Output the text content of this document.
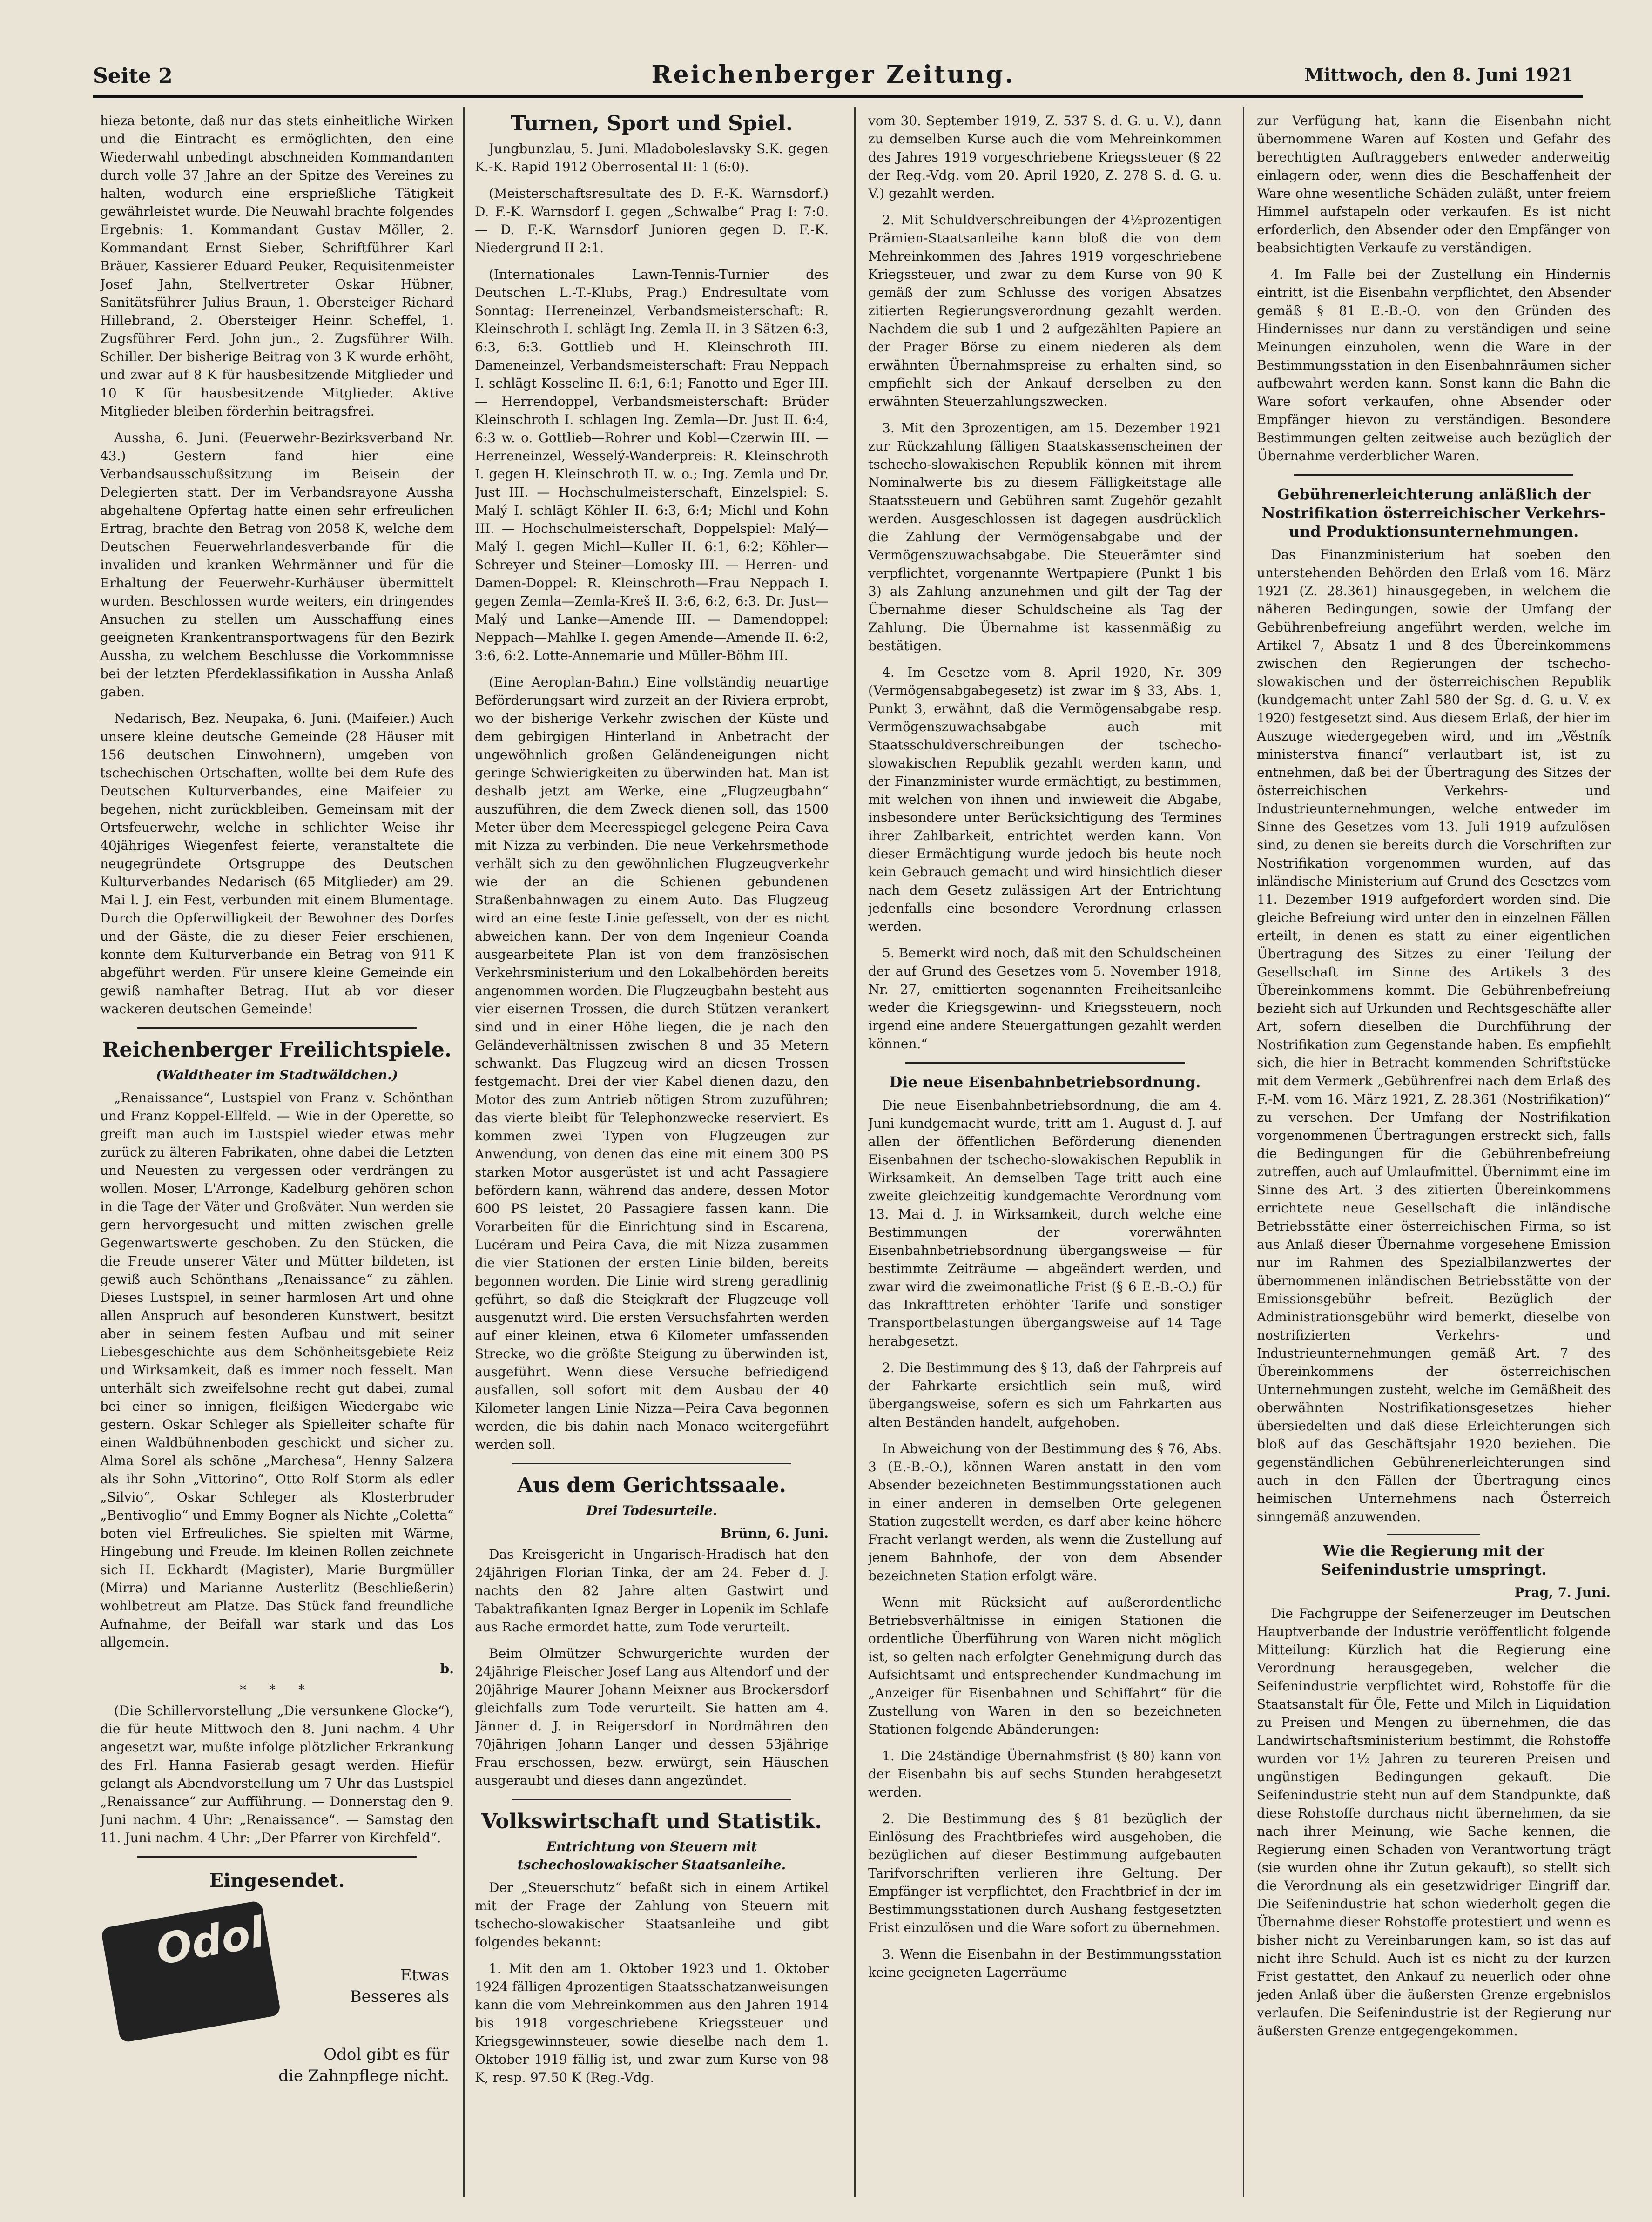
Seite 2	Reichenberger Zeitung.	Mittwoch, den 8. Juni 1921

hieza betonte, daß nur das stets einheitliche Wirken und die Eintracht es ermöglichten, den eine Wiederwahl unbedingt abschneiden Kommandanten durch volle 37 Jahre an der Spitze des Vereines zu halten, wodurch eine ersprießliche Tätigkeit gewährleistet wurde. Die Neuwahl brachte folgendes Ergebnis: 1. Kommandant Gustav Möller, 2. Kommandant Ernst Sieber, Schriftführer Karl Bräuer, Kassierer Eduard Peuker, Requisitenmeister Josef Jahn, Stellvertreter Oskar Hübner, Sanitätsführer Julius Braun, 1. Obersteiger Richard Hillebrand, 2. Obersteiger Heinr. Scheffel, 1. Zugsführer Ferd. John jun., 2. Zugsführer Wilh. Schiller. Der bisherige Beitrag von 3 K wurde erhöht, und zwar auf 8 K für hausbesitzende Mitglieder und 10 K für hausbesitzende Mitglieder. Aktive Mitglieder bleiben förderhin beitragsfrei.

Aussha, 6. Juni. (Feuerwehr-Bezirksverband Nr. 43.) Gestern fand hier eine Verbandsausschußsitzung im Beisein der Delegierten statt. Der im Verbandsrayone Aussha abgehaltene Opfertag hatte einen sehr erfreulichen Ertrag, brachte den Betrag von 2058 K, welche dem Deutschen Feuerwehrlandesverbande für die invaliden und kranken Wehrmänner und für die Erhaltung der Feuerwehr-Kurhäuser übermittelt wurden. Beschlossen wurde weiters, ein dringendes Ansuchen zu stellen um Ausschaffung eines geeigneten Krankentransportwagens für den Bezirk Aussha, zu welchem Beschlusse die Vorkommnisse bei der letzten Pferdeklassifikation in Aussha Anlaß gaben.

Nedarisch, Bez. Neupaka, 6. Juni. (Maifeier.) Auch unsere kleine deutsche Gemeinde (28 Häuser mit 156 deutschen Einwohnern), umgeben von tschechischen Ortschaften, wollte bei dem Rufe des Deutschen Kulturverbandes, eine Maifeier zu begehen, nicht zurückbleiben. Gemeinsam mit der Ortsfeuerwehr, welche in schlichter Weise ihr 40jähriges Wiegenfest feierte, veranstaltete die neugegründete Ortsgruppe des Deutschen Kulturverbandes Nedarisch (65 Mitglieder) am 29. Mai l. J. ein Fest, verbunden mit einem Blumentage. Durch die Opferwilligkeit der Bewohner des Dorfes und der Gäste, die zu dieser Feier erschienen, konnte dem Kulturverbande ein Betrag von 911 K abgeführt werden. Für unsere kleine Gemeinde ein gewiß namhafter Betrag. Hut ab vor dieser wackeren deutschen Gemeinde!

Reichenberger Freilichtspiele.
(Waldtheater im Stadtwäldchen.)

„Renaissance“, Lustspiel von Franz v. Schönthan und Franz Koppel-Ellfeld. — Wie in der Operette, so greift man auch im Lustspiel wieder etwas mehr zurück zu älteren Fabrikaten, ohne dabei die Letzten und Neuesten zu vergessen oder verdrängen zu wollen. Moser, L'Arronge, Kadelburg gehören schon in die Tage der Väter und Großväter. Nun werden sie gern hervorgesucht und mitten zwischen grelle Gegenwartswerte geschoben. Zu den Stücken, die die Freude unserer Väter und Mütter bildeten, ist gewiß auch Schönthans „Renaissance“ zu zählen. Dieses Lustspiel, in seiner harmlosen Art und ohne allen Anspruch auf besonderen Kunstwert, besitzt aber in seinem festen Aufbau und mit seiner Liebesgeschichte aus dem Schönheitsgebiete Reiz und Wirksamkeit, daß es immer noch fesselt. Man unterhält sich zweifelsohne recht gut dabei, zumal bei einer so innigen, fleißigen Wiedergabe wie gestern. Oskar Schleger als Spielleiter schafte für einen Waldbühnenboden geschickt und sicher zu. Alma Sorel als schöne „Marchesa“, Henny Salzera als ihr Sohn „Vittorino“, Otto Rolf Storm als edler „Silvio“, Oskar Schleger als Klosterbruder „Bentivoglio“ und Emmy Bogner als Nichte „Coletta“ boten viel Erfreuliches. Sie spielten mit Wärme, Hingebung und Freude. Im kleinen Rollen zeichnete sich H. Eckhardt (Magister), Marie Burgmüller (Mirra) und Marianne Austerlitz (Beschließerin) wohlbetreut am Platze. Das Stück fand freundliche Aufnahme, der Beifall war stark und das Los allgemein.

b.
* * *

(Die Schillervorstellung „Die versunkene Glocke“), die für heute Mittwoch den 8. Juni nachm. 4 Uhr angesetzt war, mußte infolge plötzlicher Erkrankung des Frl. Hanna Fasierab gesagt werden. Hiefür gelangt als Abendvorstellung um 7 Uhr das Lustspiel „Renaissance“ zur Aufführung. — Donnerstag den 9. Juni nachm. 4 Uhr: „Renaissance“. — Samstag den 11. Juni nachm. 4 Uhr: „Der Pfarrer von Kirchfeld“.

Eingesendet.
Odol
Etwas
Besseres als
Odol gibt es für
die Zahnpflege nicht.
Turnen, Sport und Spiel.

Jungbunzlau, 5. Juni. Mladoboleslavsky S.K. gegen K.-K. Rapid 1912 Oberrosental II: 1 (6:0).

(Meisterschaftsresultate des D. F.-K. Warnsdorf.) D. F.-K. Warnsdorf I. gegen „Schwalbe“ Prag I: 7:0. — D. F.-K. Warnsdorf Junioren gegen D. F.-K. Niedergrund II 2:1.

(Internationales Lawn-Tennis-Turnier des Deutschen L.-T.-Klubs, Prag.) Endresultate vom Sonntag: Herreneinzel, Verbandsmeisterschaft: R. Kleinschroth I. schlägt Ing. Zemla II. in 3 Sätzen 6:3, 6:3, 6:3. Gottlieb und H. Kleinschroth III. Dameneinzel, Verbandsmeisterschaft: Frau Neppach I. schlägt Kosseline II. 6:1, 6:1; Fanotto und Eger III. — Herrendoppel, Verbandsmeisterschaft: Brüder Kleinschroth I. schlagen Ing. Zemla—Dr. Just II. 6:4, 6:3 w. o. Gottlieb—Rohrer und Kobl—Czerwin III. — Herreneinzel, Wesselý-Wanderpreis: R. Kleinschroth I. gegen H. Kleinschroth II. w. o.; Ing. Zemla und Dr. Just III. — Hochschulmeisterschaft, Einzelspiel: S. Malý I. schlägt Köhler II. 6:3, 6:4; Michl und Kohn III. — Hochschulmeisterschaft, Doppelspiel: Malý—Malý I. gegen Michl—Kuller II. 6:1, 6:2; Köhler—Schreyer und Steiner—Lomosky III. — Herren- und Damen-Doppel: R. Kleinschroth—Frau Neppach I. gegen Zemla—Zemla-Kreš II. 3:6, 6:2, 6:3. Dr. Just—Malý und Lanke—Amende III. — Damendoppel: Neppach—Mahlke I. gegen Amende—Amende II. 6:2, 3:6, 6:2. Lotte-Annemarie und Müller-Böhm III.

(Eine Aeroplan-Bahn.) Eine vollständig neuartige Beförderungsart wird zurzeit an der Riviera erprobt, wo der bisherige Verkehr zwischen der Küste und dem gebirgigen Hinterland in Anbetracht der ungewöhnlich großen Geländeneigungen nicht geringe Schwierigkeiten zu überwinden hat. Man ist deshalb jetzt am Werke, eine „Flugzeugbahn“ auszuführen, die dem Zweck dienen soll, das 1500 Meter über dem Meeresspiegel gelegene Peira Cava mit Nizza zu verbinden. Die neue Verkehrsmethode verhält sich zu den gewöhnlichen Flugzeugverkehr wie der an die Schienen gebundenen Straßenbahnwagen zu einem Auto. Das Flugzeug wird an eine feste Linie gefesselt, von der es nicht abweichen kann. Der von dem Ingenieur Coanda ausgearbeitete Plan ist von dem französischen Verkehrsministerium und den Lokalbehörden bereits angenommen worden. Die Flugzeugbahn besteht aus vier eisernen Trossen, die durch Stützen verankert sind und in einer Höhe liegen, die je nach den Geländeverhältnissen zwischen 8 und 35 Metern schwankt. Das Flugzeug wird an diesen Trossen festgemacht. Drei der vier Kabel dienen dazu, den Motor des zum Antrieb nötigen Strom zuzuführen; das vierte bleibt für Telephonzwecke reserviert. Es kommen zwei Typen von Flugzeugen zur Anwendung, von denen das eine mit einem 300 PS starken Motor ausgerüstet ist und acht Passagiere befördern kann, während das andere, dessen Motor 600 PS leistet, 20 Passagiere fassen kann. Die Vorarbeiten für die Einrichtung sind in Escarena, Lucéram und Peira Cava, die mit Nizza zusammen die vier Stationen der ersten Linie bilden, bereits begonnen worden. Die Linie wird streng geradlinig geführt, so daß die Steigkraft der Flugzeuge voll ausgenutzt wird. Die ersten Versuchsfahrten werden auf einer kleinen, etwa 6 Kilometer umfassenden Strecke, wo die größte Steigung zu überwinden ist, ausgeführt. Wenn diese Versuche befriedigend ausfallen, soll sofort mit dem Ausbau der 40 Kilometer langen Linie Nizza—Peira Cava begonnen werden, die bis dahin nach Monaco weitergeführt werden soll.

Aus dem Gerichtssaale.
Drei Todesurteile.
Brünn, 6. Juni.

Das Kreisgericht in Ungarisch-Hradisch hat den 24jährigen Florian Tinka, der am 24. Feber d. J. nachts den 82 Jahre alten Gastwirt und Tabaktrafikanten Ignaz Berger in Lopenik im Schlafe aus Rache ermordet hatte, zum Tode verurteilt.

Beim Olmützer Schwurgerichte wurden der 24jährige Fleischer Josef Lang aus Altendorf und der 20jährige Maurer Johann Meixner aus Brockersdorf gleichfalls zum Tode verurteilt. Sie hatten am 4. Jänner d. J. in Reigersdorf in Nordmähren den 70jährigen Johann Langer und dessen 53jährige Frau erschossen, bezw. erwürgt, sein Häuschen ausgeraubt und dieses dann angezündet.

Volkswirtschaft und Statistik.
Entrichtung von Steuern mit tschechoslowakischer Staatsanleihe.

Der „Steuerschutz“ befaßt sich in einem Artikel mit der Frage der Zahlung von Steuern mit tschecho-slowakischer Staatsanleihe und gibt folgendes bekannt:

1. Mit den am 1. Oktober 1923 und 1. Oktober 1924 fälligen 4prozentigen Staatsschatzanweisungen kann die vom Mehreinkommen aus den Jahren 1914 bis 1918 vorgeschriebene Kriegssteuer und Kriegsgewinnsteuer, sowie dieselbe nach dem 1. Oktober 1919 fällig ist, und zwar zum Kurse von 98 K, resp. 97.50 K (Reg.-Vdg.

vom 30. September 1919, Z. 537 S. d. G. u. V.), dann zu demselben Kurse auch die vom Mehreinkommen des Jahres 1919 vorgeschriebene Kriegssteuer (§ 22 der Reg.-Vdg. vom 20. April 1920, Z. 278 S. d. G. u. V.) gezahlt werden.

2. Mit Schuldverschreibungen der 4½prozentigen Prämien-Staatsanleihe kann bloß die von dem Mehreinkommen des Jahres 1919 vorgeschriebene Kriegssteuer, und zwar zu dem Kurse von 90 K gemäß der zum Schlusse des vorigen Absatzes zitierten Regierungsverordnung gezahlt werden. Nachdem die sub 1 und 2 aufgezählten Papiere an der Prager Börse zu einem niederen als dem erwähnten Übernahmspreise zu erhalten sind, so empfiehlt sich der Ankauf derselben zu den erwähnten Steuerzahlungszwecken.

3. Mit den 3prozentigen, am 15. Dezember 1921 zur Rückzahlung fälligen Staatskassenscheinen der tschecho-slowakischen Republik können mit ihrem Nominalwerte bis zu diesem Fälligkeitstage alle Staatssteuern und Gebühren samt Zugehör gezahlt werden. Ausgeschlossen ist dagegen ausdrücklich die Zahlung der Vermögensabgabe und der Vermögenszuwachsabgabe. Die Steuerämter sind verpflichtet, vorgenannte Wertpapiere (Punkt 1 bis 3) als Zahlung anzunehmen und gilt der Tag der Übernahme dieser Schuldscheine als Tag der Zahlung. Die Übernahme ist kassenmäßig zu bestätigen.

4. Im Gesetze vom 8. April 1920, Nr. 309 (Vermögensabgabegesetz) ist zwar im § 33, Abs. 1, Punkt 3, erwähnt, daß die Vermögensabgabe resp. Vermögenszuwachsabgabe auch mit Staatsschuldverschreibungen der tschecho-slowakischen Republik gezahlt werden kann, und der Finanzminister wurde ermächtigt, zu bestimmen, mit welchen von ihnen und inwieweit die Abgabe, insbesondere unter Berücksichtigung des Termines ihrer Zahlbarkeit, entrichtet werden kann. Von dieser Ermächtigung wurde jedoch bis heute noch kein Gebrauch gemacht und wird hinsichtlich dieser nach dem Gesetz zulässigen Art der Entrichtung jedenfalls eine besondere Verordnung erlassen werden.

5. Bemerkt wird noch, daß mit den Schuldscheinen der auf Grund des Gesetzes vom 5. November 1918, Nr. 27, emittierten sogenannten Freiheitsanleihe weder die Kriegsgewinn- und Kriegssteuern, noch irgend eine andere Steuergattungen gezahlt werden können.“

Die neue Eisenbahnbetriebsordnung.

Die neue Eisenbahnbetriebsordnung, die am 4. Juni kundgemacht wurde, tritt am 1. August d. J. auf allen der öffentlichen Beförderung dienenden Eisenbahnen der tschecho-slowakischen Republik in Wirksamkeit. An demselben Tage tritt auch eine zweite gleichzeitig kundgemachte Verordnung vom 13. Mai d. J. in Wirksamkeit, durch welche eine Bestimmungen der vorerwähnten Eisenbahnbetriebsordnung übergangsweise — für bestimmte Zeiträume — abgeändert werden, und zwar wird die zweimonatliche Frist (§ 6 E.-B.-O.) für das Inkrafttreten erhöhter Tarife und sonstiger Transportbelastungen übergangsweise auf 14 Tage herabgesetzt.

2. Die Bestimmung des § 13, daß der Fahrpreis auf der Fahrkarte ersichtlich sein muß, wird übergangsweise, sofern es sich um Fahrkarten aus alten Beständen handelt, aufgehoben.

In Abweichung von der Bestimmung des § 76, Abs. 3 (E.-B.-O.), können Waren anstatt in den vom Absender bezeichneten Bestimmungsstationen auch in einer anderen in demselben Orte gelegenen Station zugestellt werden, es darf aber keine höhere Fracht verlangt werden, als wenn die Zustellung auf jenem Bahnhofe, der von dem Absender bezeichneten Station erfolgt wäre.

Wenn mit Rücksicht auf außerordentliche Betriebsverhältnisse in einigen Stationen die ordentliche Überführung von Waren nicht möglich ist, so gelten nach erfolgter Genehmigung durch das Aufsichtsamt und entsprechender Kundmachung im „Anzeiger für Eisenbahnen und Schiffahrt“ für die Zustellung von Waren in den so bezeichneten Stationen folgende Abänderungen:

1. Die 24ständige Übernahmsfrist (§ 80) kann von der Eisenbahn bis auf sechs Stunden herabgesetzt werden.

2. Die Bestimmung des § 81 bezüglich der Einlösung des Frachtbriefes wird ausgehoben, die bezüglichen auf dieser Bestimmung aufgebauten Tarifvorschriften verlieren ihre Geltung. Der Empfänger ist verpflichtet, den Frachtbrief in der im Bestimmungsstationen durch Aushang festgesetzten Frist einzulösen und die Ware sofort zu übernehmen.

3. Wenn die Eisenbahn in der Bestimmungsstation keine geeigneten Lagerräume

zur Verfügung hat, kann die Eisenbahn nicht übernommene Waren auf Kosten und Gefahr des berechtigten Auftraggebers entweder anderweitig einlagern oder, wenn dies die Beschaffenheit der Ware ohne wesentliche Schäden zuläßt, unter freiem Himmel aufstapeln oder verkaufen. Es ist nicht erforderlich, den Absender oder den Empfänger von beabsichtigten Verkaufe zu verständigen.

4. Im Falle bei der Zustellung ein Hindernis eintritt, ist die Eisenbahn verpflichtet, den Absender gemäß § 81 E.-B.-O. von den Gründen des Hindernisses nur dann zu verständigen und seine Meinungen einzuholen, wenn die Ware in der Bestimmungsstation in den Eisenbahnräumen sicher aufbewahrt werden kann. Sonst kann die Bahn die Ware sofort verkaufen, ohne Absender oder Empfänger hievon zu verständigen. Besondere Bestimmungen gelten zeitweise auch bezüglich der Übernahme verderblicher Waren.

Gebührenerleichterung anläßlich der Nostrifikation österreichischer Verkehrs- und Produktionsunternehmungen.

Das Finanzministerium hat soeben den unterstehenden Behörden den Erlaß vom 16. März 1921 (Z. 28.361) hinausgegeben, in welchem die näheren Bedingungen, sowie der Umfang der Gebührenbefreiung angeführt werden, welche im Artikel 7, Absatz 1 und 8 des Übereinkommens zwischen den Regierungen der tschecho-slowakischen und der österreichischen Republik (kundgemacht unter Zahl 580 der Sg. d. G. u. V. ex 1920) festgesetzt sind. Aus diesem Erlaß, der hier im Auszuge wiedergegeben wird, und im „Věstník ministerstva financí“ verlautbart ist, ist zu entnehmen, daß bei der Übertragung des Sitzes der österreichischen Verkehrs- und Industrieunternehmungen, welche entweder im Sinne des Gesetzes vom 13. Juli 1919 aufzulösen sind, zu denen sie bereits durch die Vorschriften zur Nostrifikation vorgenommen wurden, auf das inländische Ministerium auf Grund des Gesetzes vom 11. Dezember 1919 aufgefordert worden sind. Die gleiche Befreiung wird unter den in einzelnen Fällen erteilt, in denen es statt zu einer eigentlichen Übertragung des Sitzes zu einer Teilung der Gesellschaft im Sinne des Artikels 3 des Übereinkommens kommt. Die Gebührenbefreiung bezieht sich auf Urkunden und Rechtsgeschäfte aller Art, sofern dieselben die Durchführung der Nostrifikation zum Gegenstande haben. Es empfiehlt sich, die hier in Betracht kommenden Schriftstücke mit dem Vermerk „Gebührenfrei nach dem Erlaß des F.-M. vom 16. März 1921, Z. 28.361 (Nostrifikation)“ zu versehen. Der Umfang der Nostrifikation vorgenommenen Übertragungen erstreckt sich, falls die Bedingungen für die Gebührenbefreiung zutreffen, auch auf Umlaufmittel. Übernimmt eine im Sinne des Art. 3 des zitierten Übereinkommens errichtete neue Gesellschaft die inländische Betriebsstätte einer österreichischen Firma, so ist aus Anlaß dieser Übernahme vorgesehene Emission nur im Rahmen des Spezialbilanzwertes der übernommenen inländischen Betriebsstätte von der Emissionsgebühr befreit. Bezüglich der Administrationsgebühr wird bemerkt, dieselbe von nostrifizierten Verkehrs- und Industrieunternehmungen gemäß Art. 7 des Übereinkommens der österreichischen Unternehmungen zusteht, welche im Gemäßheit des oberwähnten Nostrifikationsgesetzes hieher übersiedelten und daß diese Erleichterungen sich bloß auf das Geschäftsjahr 1920 beziehen. Die gegenständlichen Gebührenerleichterungen sind auch in den Fällen der Übertragung eines heimischen Unternehmens nach Österreich sinngemäß anzuwenden.

Wie die Regierung mit der Seifenindustrie umspringt.
Prag, 7. Juni.

Die Fachgruppe der Seifenerzeuger im Deutschen Hauptverbande der Industrie veröffentlicht folgende Mitteilung: Kürzlich hat die Regierung eine Verordnung herausgegeben, welcher die Seifenindustrie verpflichtet wird, Rohstoffe für die Staatsanstalt für Öle, Fette und Milch in Liquidation zu Preisen und Mengen zu übernehmen, die das Landwirtschaftsministerium bestimmt, die Rohstoffe wurden vor 1½ Jahren zu teureren Preisen und ungünstigen Bedingungen gekauft. Die Seifenindustrie steht nun auf dem Standpunkte, daß diese Rohstoffe durchaus nicht übernehmen, da sie nach ihrer Meinung, wie Sache kennen, die Regierung einen Schaden von Verantwortung trägt (sie wurden ohne ihr Zutun gekauft), so stellt sich die Verordnung als ein gesetzwidriger Eingriff dar. Die Seifenindustrie hat schon wiederholt gegen die Übernahme dieser Rohstoffe protestiert und wenn es bisher nicht zu Vereinbarungen kam, so ist das auf nicht ihre Schuld. Auch ist es nicht zu der kurzen Frist gestattet, den Ankauf zu neuerlich oder ohne jeden Anlaß über die äußersten Grenze ergebnislos verlaufen. Die Seifenindustrie ist der Regierung nur äußersten Grenze entgegengekommen.
